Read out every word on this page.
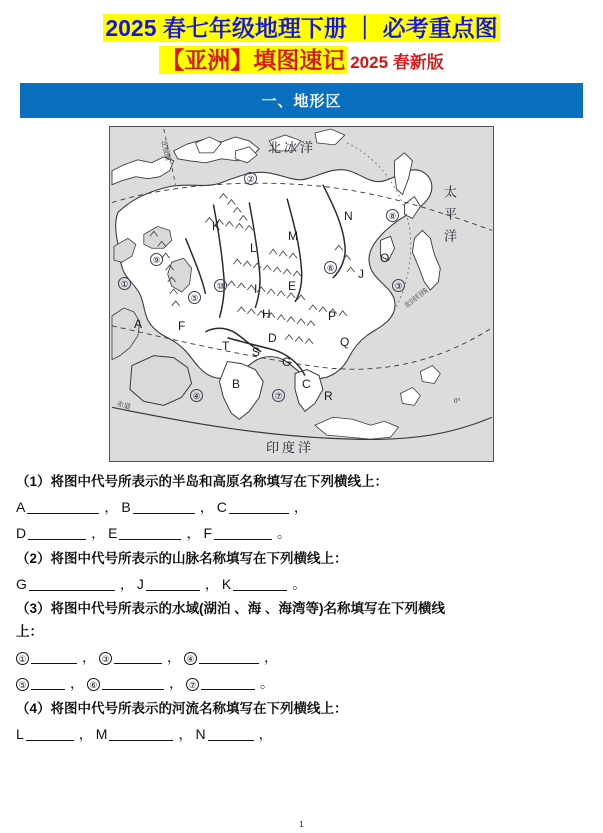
2025 春七年级地理下册 ｜ 必考重点图
【亚洲】填图速记 2025 春新版
一、地形区
北冰洋
太平洋
印度洋
北极圈
北回归线
赤道	0°
A
B	C
D
E
F
G
H
I
J
K
L
M
N
O
P
Q
R
S
T
①
②
③
④
⑤
⑥
⑦
⑧
⑨
⑩
（1）将图中代号所表示的半岛和高原名称填写在下列横线上：
A	， B	， C	，
D	， E	， F	。
（2）将图中代号所表示的山脉名称填写在下列横线上：
G	， J	， K	。
（3）将图中代号所表示的水域(湖泊 、海 、海湾等)名称填写在下列横线
上：
①	， ③	， ④	，
⑤	， ⑥	， ⑦	。
（4）将图中代号所表示的河流名称填写在下列横线上：
L	， M	， N	，
1
